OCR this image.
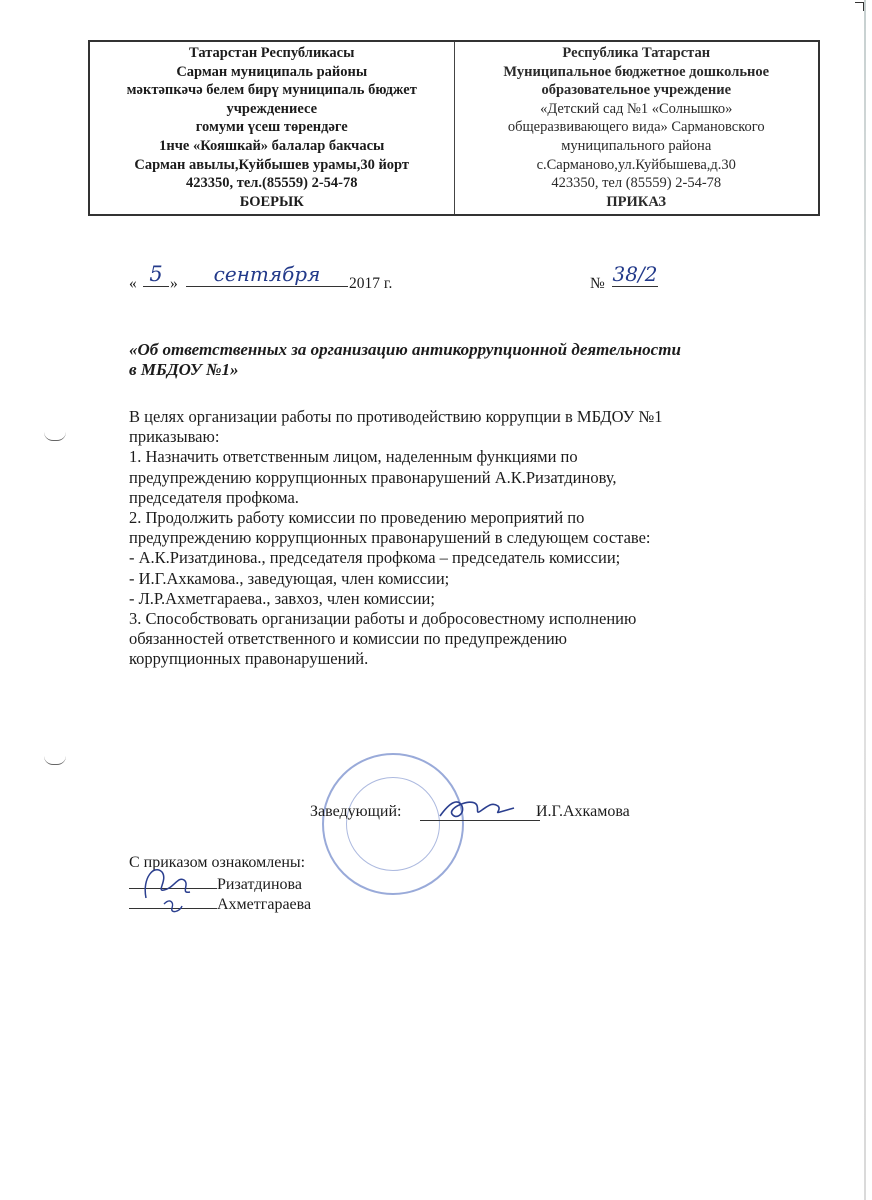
Татарстан Республикасы
Сарман муниципаль районы
мәктәпкәчә белем бирү муниципаль бюджет
учреждениесе
гомуми үсеш төрендәге
1нче «Кояшкай» балалар бакчасы
Сарман авылы,Куйбышев урамы,30 йорт
423350, тел.(85559) 2-54-78
БОЕРЫК
Республика Татарстан
Муниципальное бюджетное дошкольное
образовательное учреждение
«Детский сад №1 «Солнышко»
общеразвивающего вида» Сармановского
муниципального района
с.Сарманово,ул.Куйбышева,д.30
423350, тел (85559) 2-54-78
ПРИКАЗ
« 5 »	сентября	2017 г.	№ 38/2
«Об ответственных за организацию антикоррупционной деятельности
в МБДОУ №1»

В целях организации работы по противодействию коррупции в МБДОУ №1

приказываю:

1. Назначить ответственным лицом, наделенным функциями по

предупреждению коррупционных правонарушений А.К.Ризатдинову,

председателя профкома.

2. Продолжить работу комиссии по проведению мероприятий по

предупреждению коррупционных правонарушений в следующем составе:

- А.К.Ризатдинова., председателя профкома – председатель комиссии;

- И.Г.Ахкамова., заведующая, член комиссии;

- Л.Р.Ахметгараева., завхоз, член комиссии;

3. Способствовать организации работы и добросовестному исполнению

обязанностей ответственного и комиссии по предупреждению

коррупционных правонарушений.

Заведующий:	И.Г.Ахкамова
С приказом ознакомлены:
Ризатдинова
Ахметгараева
